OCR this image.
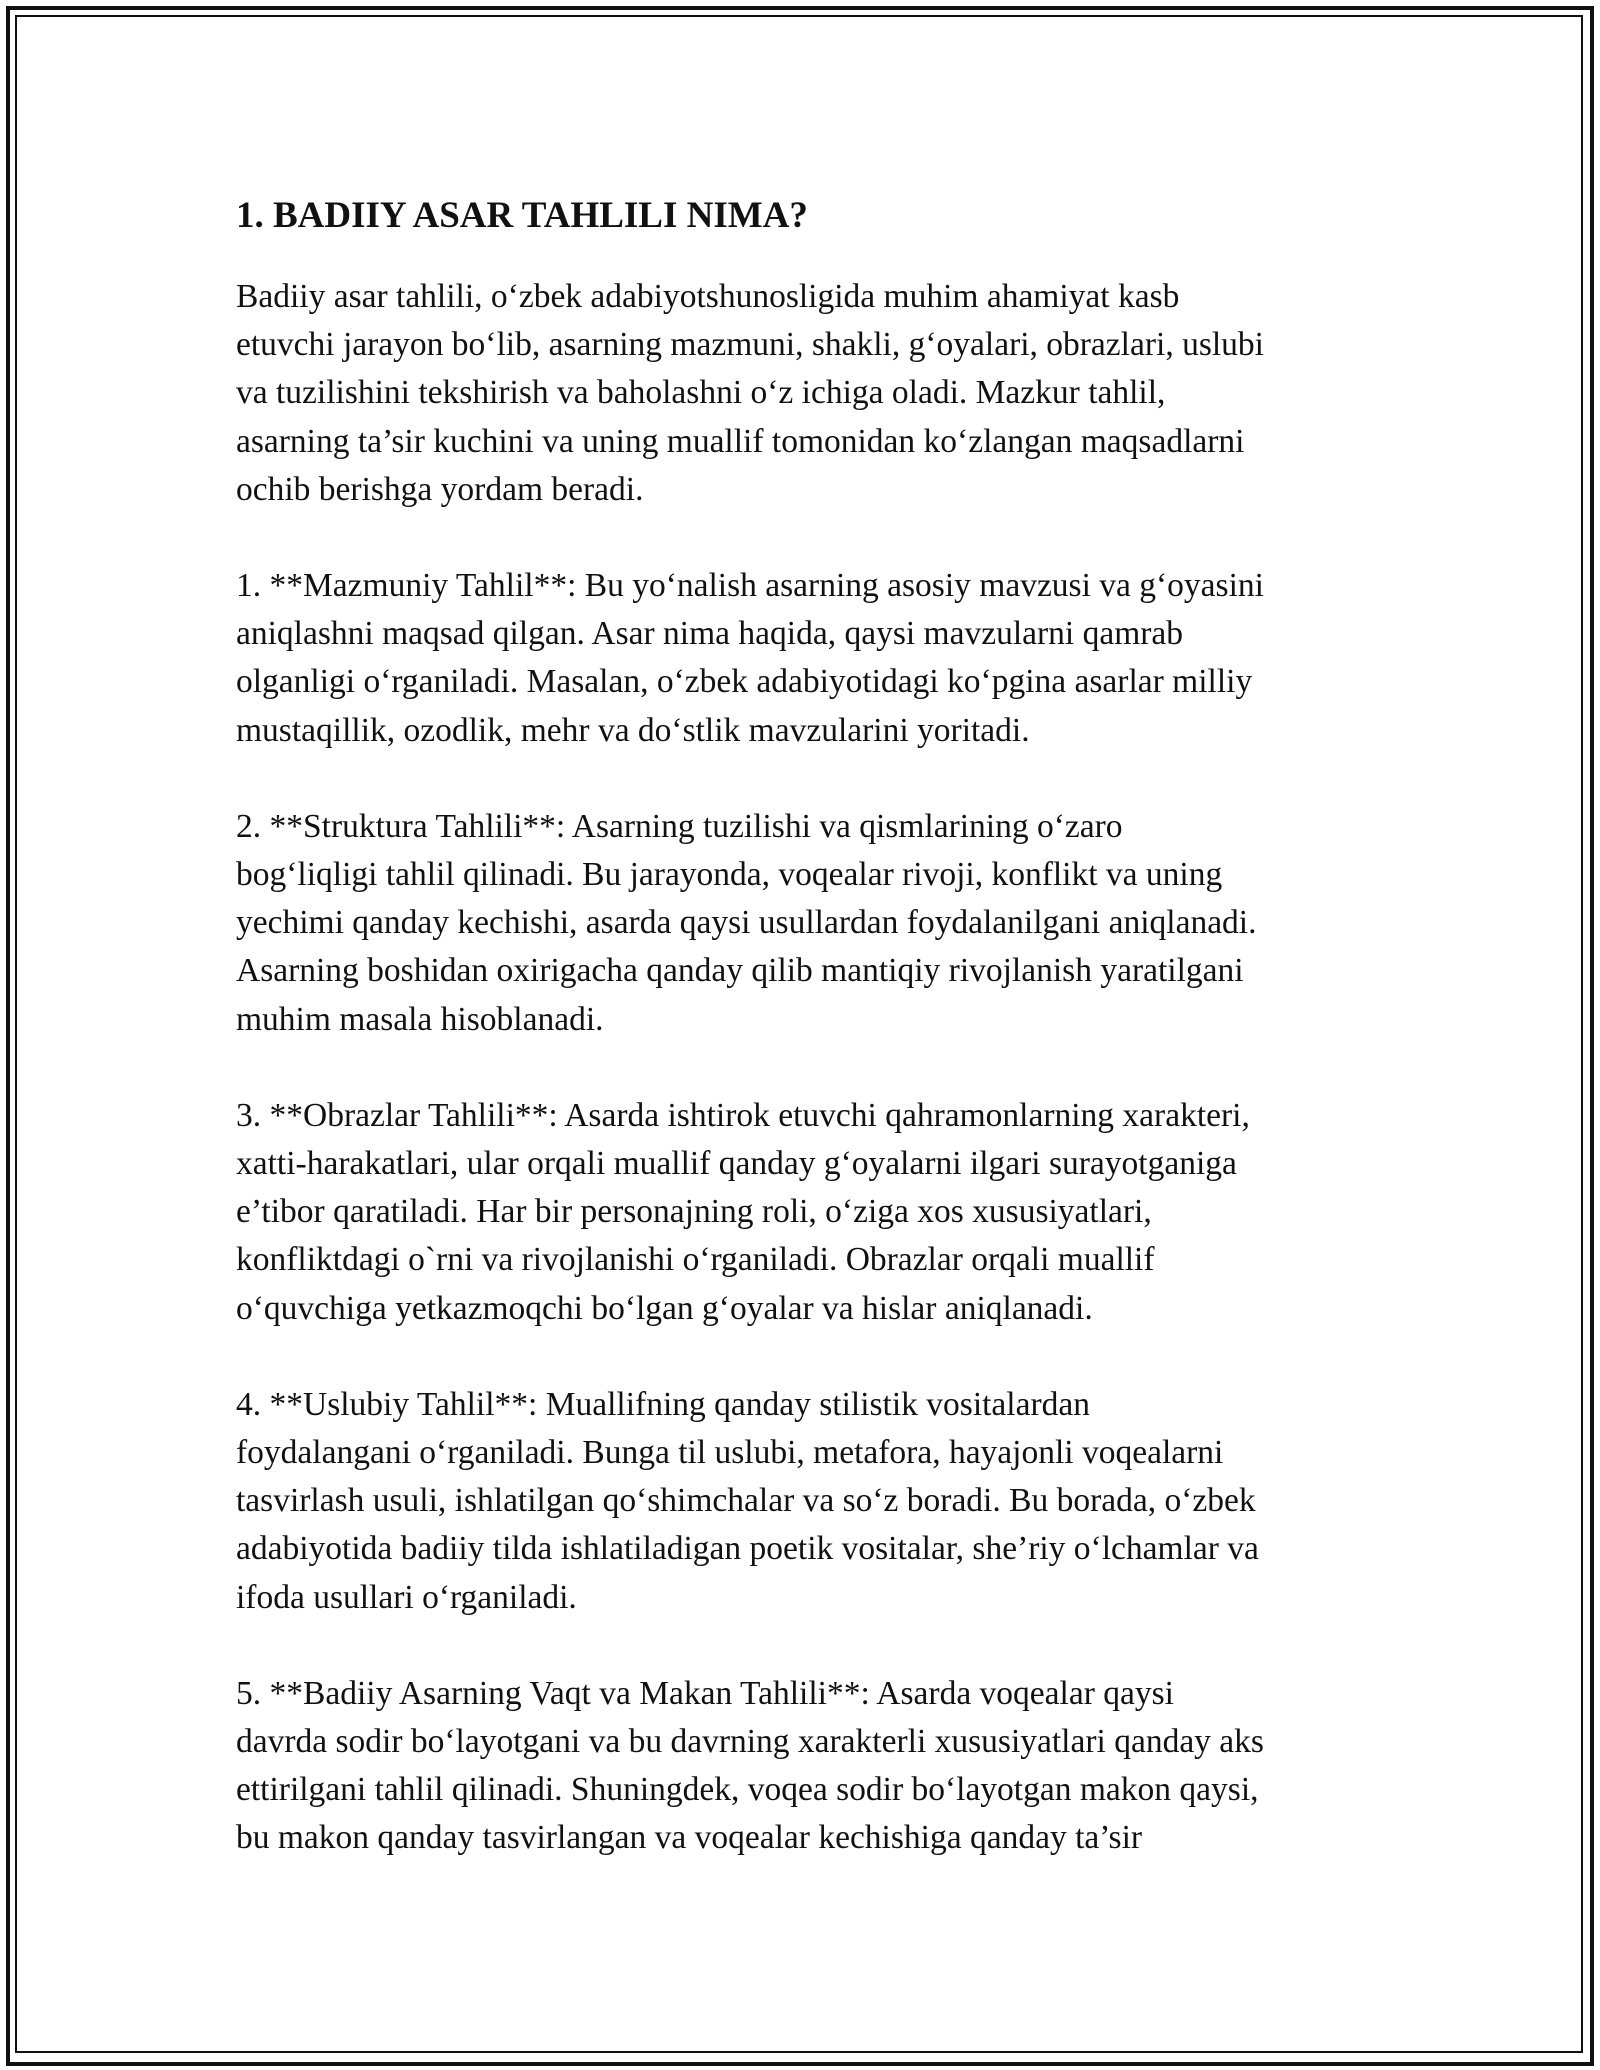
1. BADIIY ASAR TAHLILI NIMA?

Badiiy asar tahlili, o‘zbek adabiyotshunosligida muhim ahamiyat kasb
etuvchi jarayon bo‘lib, asarning mazmuni, shakli, g‘oyalari, obrazlari, uslubi
va tuzilishini tekshirish va baholashni o‘z ichiga oladi. Mazkur tahlil,
asarning ta’sir kuchini va uning muallif tomonidan ko‘zlangan maqsadlarni
ochib berishga yordam beradi.

1. **Mazmuniy Tahlil**: Bu yo‘nalish asarning asosiy mavzusi va g‘oyasini
aniqlashni maqsad qilgan. Asar nima haqida, qaysi mavzularni qamrab
olganligi o‘rganiladi. Masalan, o‘zbek adabiyotidagi ko‘pgina asarlar milliy
mustaqillik, ozodlik, mehr va do‘stlik mavzularini yoritadi.

2. **Struktura Tahlili**: Asarning tuzilishi va qismlarining o‘zaro
bog‘liqligi tahlil qilinadi. Bu jarayonda, voqealar rivoji, konflikt va uning
yechimi qanday kechishi, asarda qaysi usullardan foydalanilgani aniqlanadi.
Asarning boshidan oxirigacha qanday qilib mantiqiy rivojlanish yaratilgani
muhim masala hisoblanadi.

3. **Obrazlar Tahlili**: Asarda ishtirok etuvchi qahramonlarning xarakteri,
xatti-harakatlari, ular orqali muallif qanday g‘oyalarni ilgari surayotganiga
e’tibor qaratiladi. Har bir personajning roli, o‘ziga xos xususiyatlari,
konfliktdagi o`rni va rivojlanishi o‘rganiladi. Obrazlar orqali muallif
o‘quvchiga yetkazmoqchi bo‘lgan g‘oyalar va hislar aniqlanadi.

4. **Uslubiy Tahlil**: Muallifning qanday stilistik vositalardan
foydalangani o‘rganiladi. Bunga til uslubi, metafora, hayajonli voqealarni
tasvirlash usuli, ishlatilgan qo‘shimchalar va so‘z boradi. Bu borada, o‘zbek
adabiyotida badiiy tilda ishlatiladigan poetik vositalar, she’riy o‘lchamlar va
ifoda usullari o‘rganiladi.

5. **Badiiy Asarning Vaqt va Makan Tahlili**: Asarda voqealar qaysi
davrda sodir bo‘layotgani va bu davrning xarakterli xususiyatlari qanday aks
ettirilgani tahlil qilinadi. Shuningdek, voqea sodir bo‘layotgan makon qaysi,
bu makon qanday tasvirlangan va voqealar kechishiga qanday ta’sir
